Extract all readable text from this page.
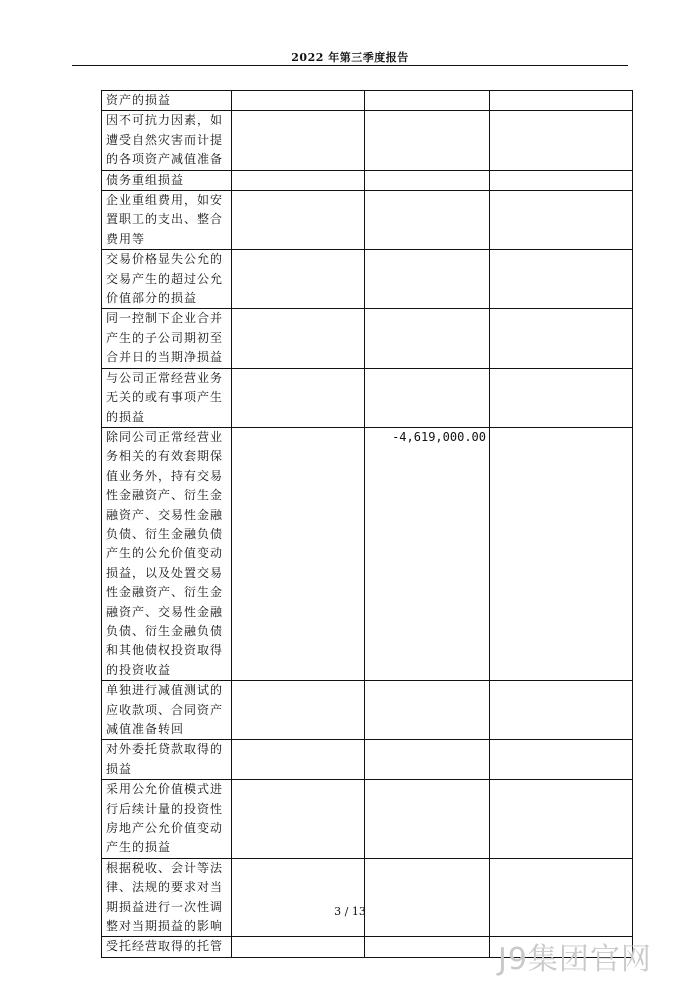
2022 年第三季度报告
资产的损益			
因不可抗力因素，如遭受自然灾害而计提的各项资产减值准备			
债务重组损益			
企业重组费用，如安置职工的支出、整合费用等			
交易价格显失公允的交易产生的超过公允价值部分的损益			
同一控制下企业合并产生的子公司期初至合并日的当期净损益			
与公司正常经营业务无关的或有事项产生的损益			
除同公司正常经营业务相关的有效套期保值业务外，持有交易性金融资产、衍生金融资产、交易性金融负债、衍生金融负债产生的公允价值变动损益，以及处置交易性金融资产、衍生金融资产、交易性金融负债、衍生金融负债和其他债权投资取得的投资收益		-4,619,000.00	
单独进行减值测试的应收款项、合同资产减值准备转回			
对外委托贷款取得的损益			
采用公允价值模式进行后续计量的投资性房地产公允价值变动产生的损益			
根据税收、会计等法律、法规的要求对当期损益进行一次性调整对当期损益的影响			
受托经营取得的托管			
3 / 13
J9集团官网
